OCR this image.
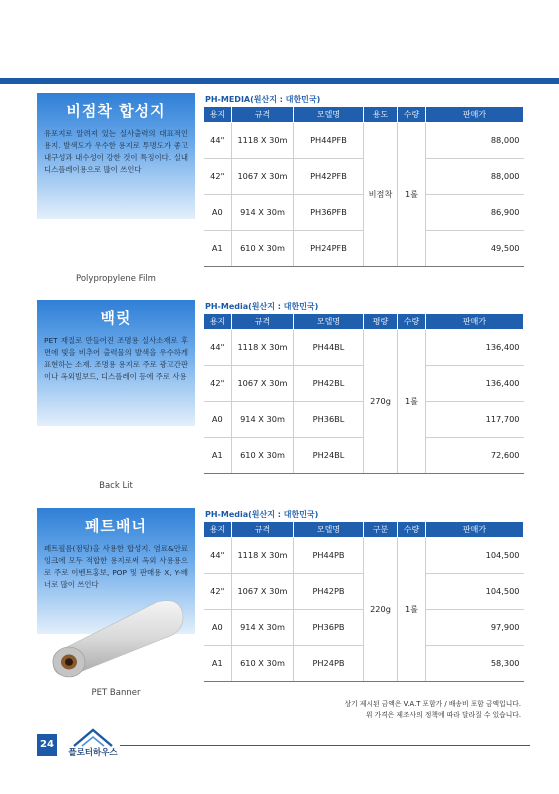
비점착 합성지
유포지로 알려져 있는 실사출력의 대표적인 용지. 발색도가 우수한 용지로 투명도가 좋고 내구성과 내수성이 강한 것이 특징이다. 실내 디스플레이용으로 많이 쓰인다
Polypropylene Film
PH-MEDIA(원산지 : 대한민국)
용지	규격	모델명	용도	수량	판매가
44"	1118 X 30m	PH44PFB	비점착	1롤	88,000
42"	1067 X 30m	PH42PFB			88,000
A0	914 X 30m	PH36PFB			86,900
A1	610 X 30m	PH24PFB			49,500
백릿
PET 재질로 만들어진 조명용 실사소재로 후면에 빛을 비추어 출력물의 발색을 우수하게 표현하는 소재. 조명용 용지로 주로 광고간판이나 옥외빌보드, 디스플레이 등에 주로 사용
Back Lit
PH-Media(원산지 : 대한민국)
용지	규격	모델명	평량	수량	판매가
44"	1118 X 30m	PH44BL	270g	1롤	136,400
42"	1067 X 30m	PH42BL			136,400
A0	914 X 30m	PH36BL			117,700
A1	610 X 30m	PH24BL			72,600
페트배너
페트필름(점팅)을 사용한 합성지. 염료&안료잉크에 모두 적합한 용지로써 옥외 사용용으로 주로 이벤트홍보, POP 및 판매용 X, Y-배너로 많이 쓰인다
PET Banner
PH-Media(원산지 : 대한민국)
용지	규격	모델명	구분	수량	판매가
44"	1118 X 30m	PH44PB	220g	1롤	104,500
42"	1067 X 30m	PH42PB			104,500
A0	914 X 30m	PH36PB			97,900
A1	610 X 30m	PH24PB			58,300
상기 제시된 금액은 V.A.T 포함가 / 배송비 포함 금액입니다.
위 가격은 제조사의 정책에 따라 달라질 수 있습니다.
24
플로터하우스
